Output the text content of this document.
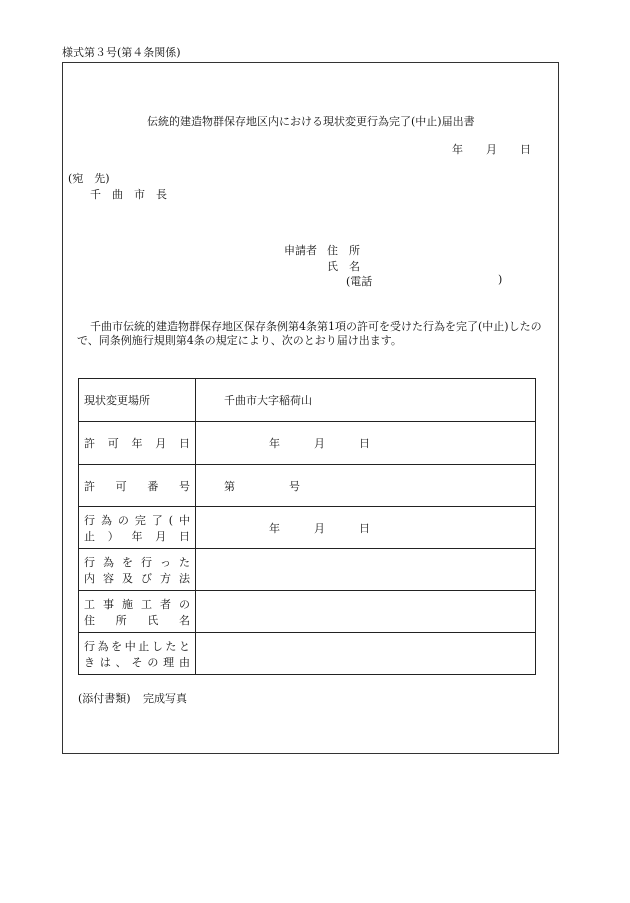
様式第３号(第４条関係)
伝統的建造物群保存地区内における現状変更行為完了(中止)届出書
年 月 日
(宛　先)
千　曲　市　長
申請者 住　所
氏　名
(電話	)
千曲市伝統的建造物群保存地区保存条例第4条第1項の許可を受けた行為を完了(中止)したの
で、同条例施行規則第4条の規定により、次のとおり届け出ます。
現状変更場所	千曲市大字稲荷山

許可年月日	年 月 日

許可番号	第 号

行為の完了(中
止）年月日	年 月 日

行為を行った
内容及び方法	

工事施工者の
住所氏名	

行為を中止したと
きは、その理由	

(添付書類) 完成写真
